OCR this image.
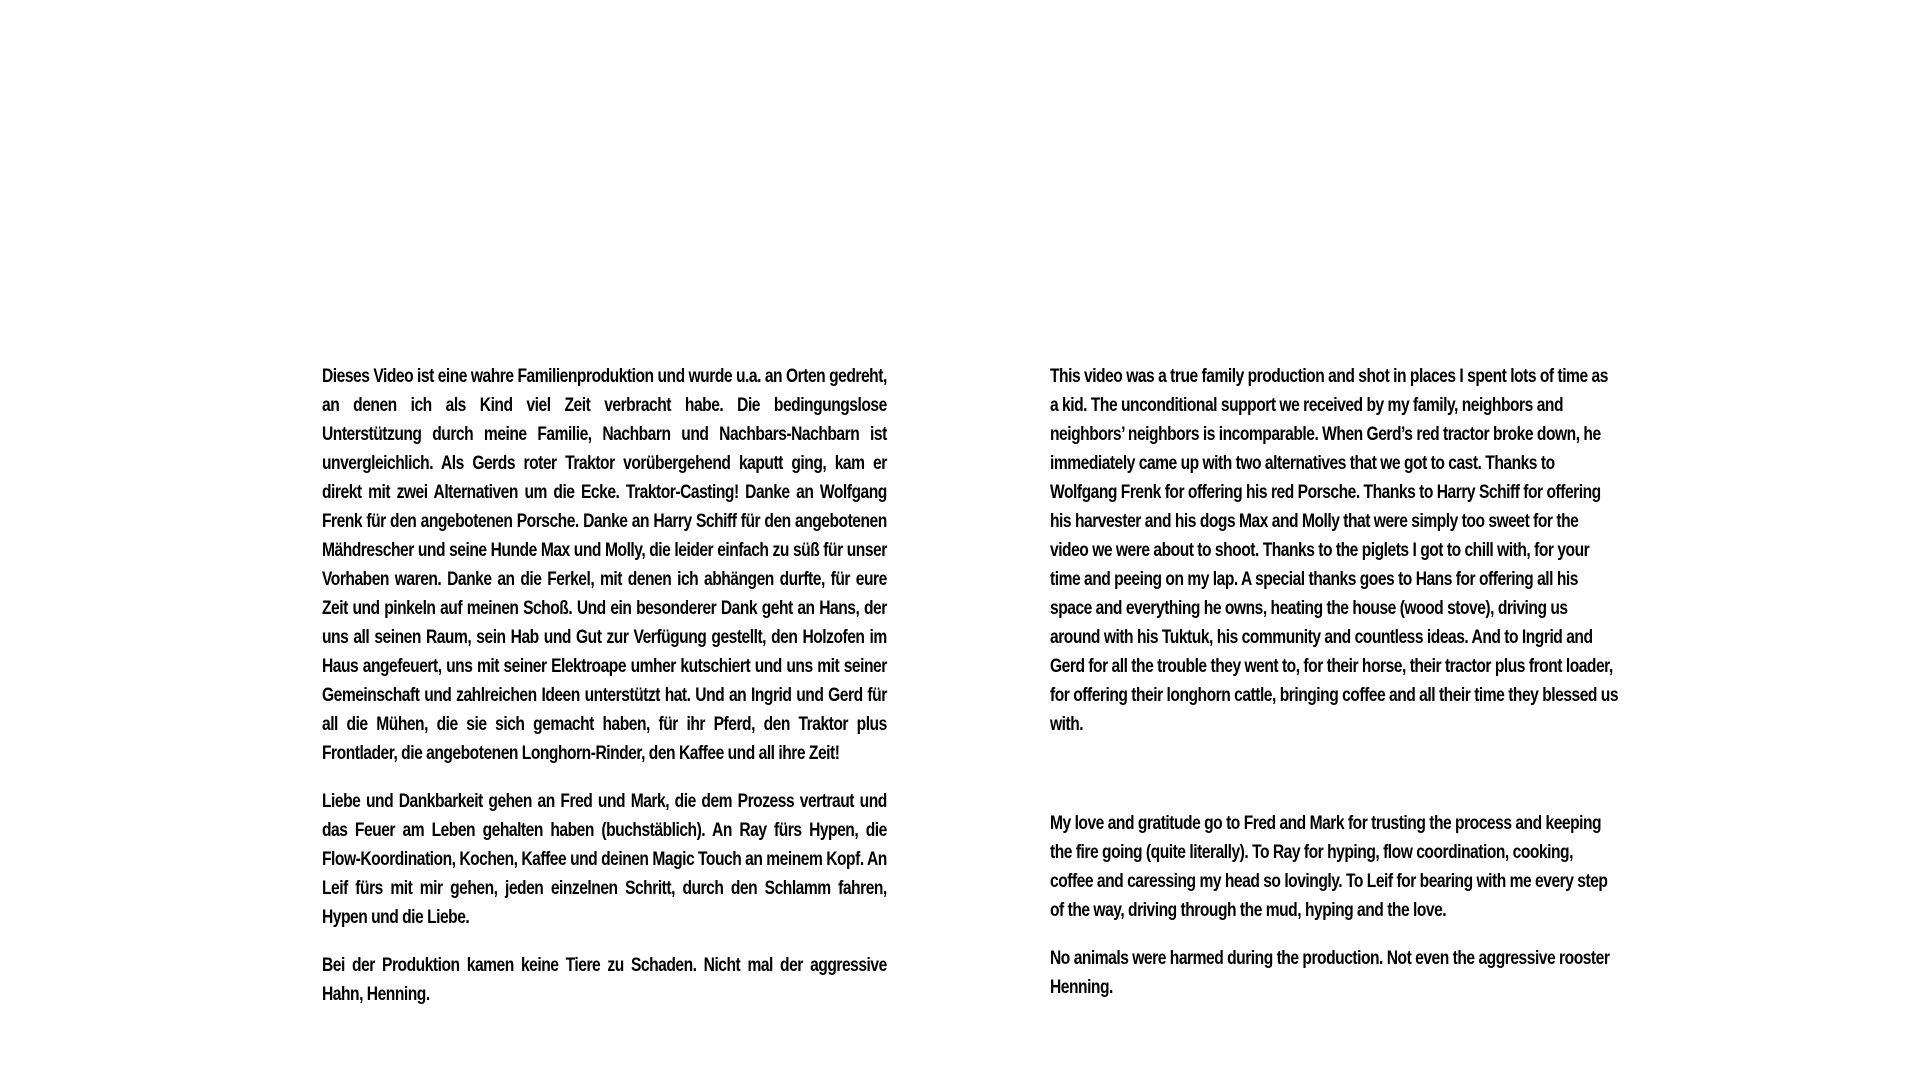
Dieses Video ist eine wahre Familienproduktion und wurde u.a. an Orten gedreht, an denen ich als Kind viel Zeit verbracht habe. Die bedingungslose Unterstützung durch meine Familie, Nachbarn und Nachbars-Nachbarn ist unvergleichlich. Als Gerds roter Traktor vorübergehend kaputt ging, kam er direkt mit zwei Alternativen um die Ecke. Traktor-Casting! Danke an Wolfgang Frenk für den angebotenen Porsche. Danke an Harry Schiff für den angebotenen Mähdrescher und seine Hunde Max und Molly, die leider einfach zu süß für unser Vorhaben waren. Danke an die Ferkel, mit denen ich abhängen durfte, für eure Zeit und pinkeln auf meinen Schoß. Und ein besonderer Dank geht an Hans, der uns all seinen Raum, sein Hab und Gut zur Verfügung gestellt, den Holzofen im Haus angefeuert, uns mit seiner Elektroape umher kutschiert und uns mit seiner Gemeinschaft und zahlreichen Ideen unterstützt hat. Und an Ingrid und Gerd für all die Mühen, die sie sich gemacht haben, für ihr Pferd, den Traktor plus Frontlader, die angebotenen Longhorn-Rinder, den Kaffee und all ihre Zeit!

Liebe und Dankbarkeit gehen an Fred und Mark, die dem Prozess vertraut und das Feuer am Leben gehalten haben (buchstäblich). An Ray fürs Hypen, die Flow-Koordination, Kochen, Kaffee und deinen Magic Touch an meinem Kopf. An Leif fürs mit mir gehen, jeden einzelnen Schritt, durch den Schlamm fahren, Hypen und die Liebe.

Bei der Produktion kamen keine Tiere zu Schaden. Nicht mal der aggressive Hahn, Henning.

This video was a true family production and shot in places I spent lots of time as a kid. The unconditional support we received by my family, neighbors and neighbors’ neighbors is incomparable. When Gerd’s red tractor broke down, he immediately came up with two alternatives that we got to cast. Thanks to Wolfgang Frenk for offering his red Porsche. Thanks to Harry Schiff for offering his harvester and his dogs Max and Molly that were simply too sweet for the video we were about to shoot. Thanks to the piglets I got to chill with, for your time and peeing on my lap. A special thanks goes to Hans for offering all his space and everything he owns, heating the house (wood stove), driving us around with his Tuktuk, his community and countless ideas. And to Ingrid and Gerd for all the trouble they went to, for their horse, their tractor plus front loader, for offering their longhorn cattle, bringing coffee and all their time they blessed us with.

My love and gratitude go to Fred and Mark for trusting the process and keeping the fire going (quite literally). To Ray for hyping, flow coordination, cooking, coffee and caressing my head so lovingly. To Leif for bearing with me every step of the way, driving through the mud, hyping and the love.

No animals were harmed during the production. Not even the aggressive rooster Henning.
